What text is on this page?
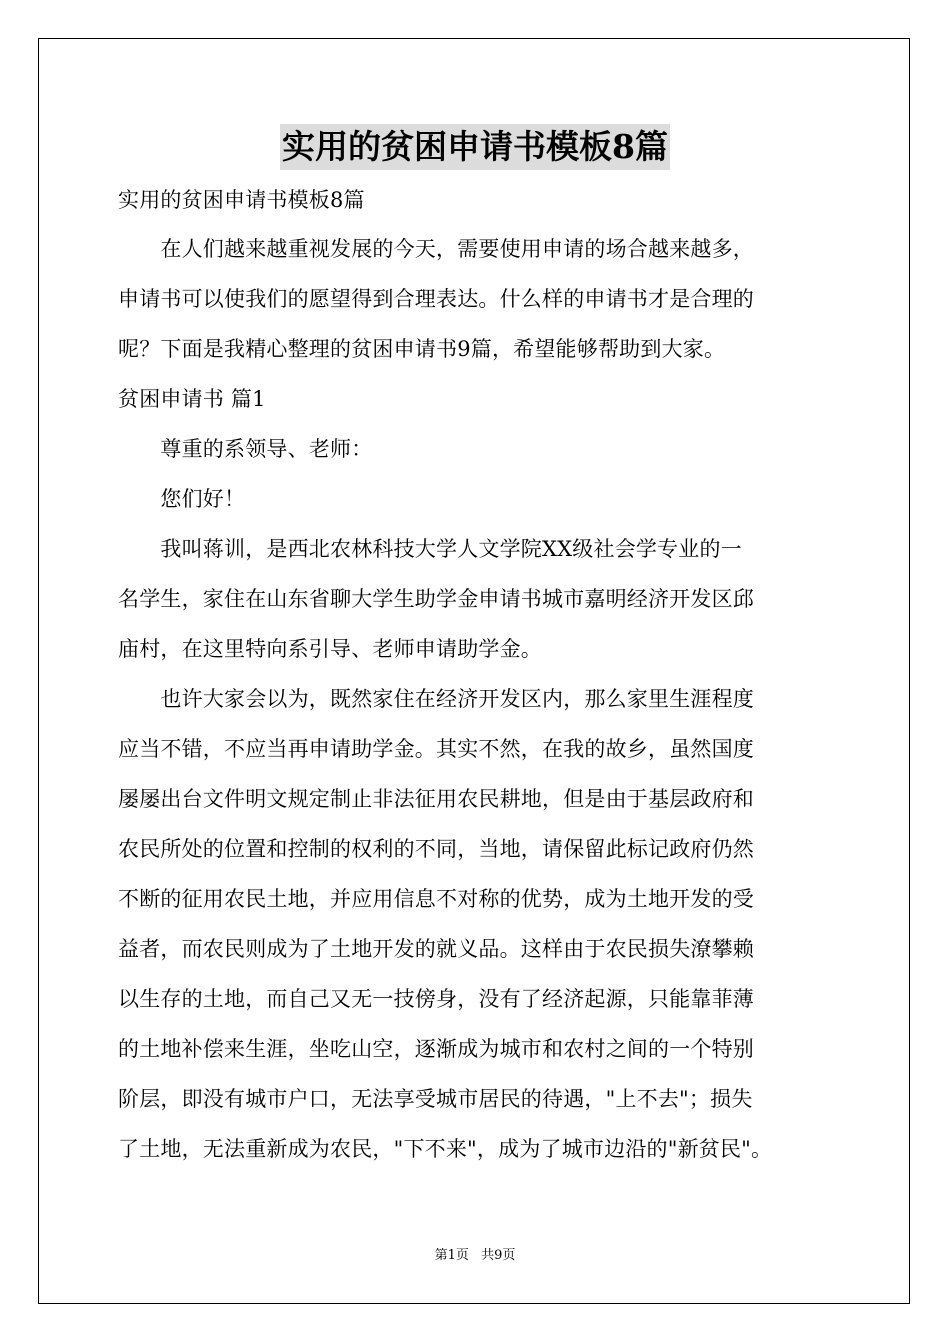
实用的贫困申请书模板8篇
实用的贫困申请书模板8篇
　　在人们越来越重视发展的今天，需要使用申请的场合越来越多，
申请书可以使我们的愿望得到合理表达。什么样的申请书才是合理的
呢？下面是我精心整理的贫困申请书9篇，希望能够帮助到大家。
贫困申请书 篇1
　　尊重的系领导、老师：
　　您们好！
　　我叫蒋训，是西北农林科技大学人文学院XX级社会学专业的一
名学生，家住在山东省聊大学生助学金申请书城市嘉明经济开发区邱
庙村，在这里特向系引导、老师申请助学金。
　　也许大家会以为，既然家住在经济开发区内，那么家里生涯程度
应当不错，不应当再申请助学金。其实不然，在我的故乡，虽然国度
屡屡出台文件明文规定制止非法征用农民耕地，但是由于基层政府和
农民所处的位置和控制的权利的不同，当地，请保留此标记政府仍然
不断的征用农民土地，并应用信息不对称的优势，成为土地开发的受
益者，而农民则成为了土地开发的就义品。这样由于农民损失潦攀赖
以生存的土地，而自己又无一技傍身，没有了经济起源，只能靠菲薄
的土地补偿来生涯，坐吃山空，逐渐成为城市和农村之间的一个特别
阶层，即没有城市户口，无法享受城市居民的待遇，"上不去"；损失
了土地，无法重新成为农民，"下不来"，成为了城市边沿的"新贫民"。
第1页 共9页
